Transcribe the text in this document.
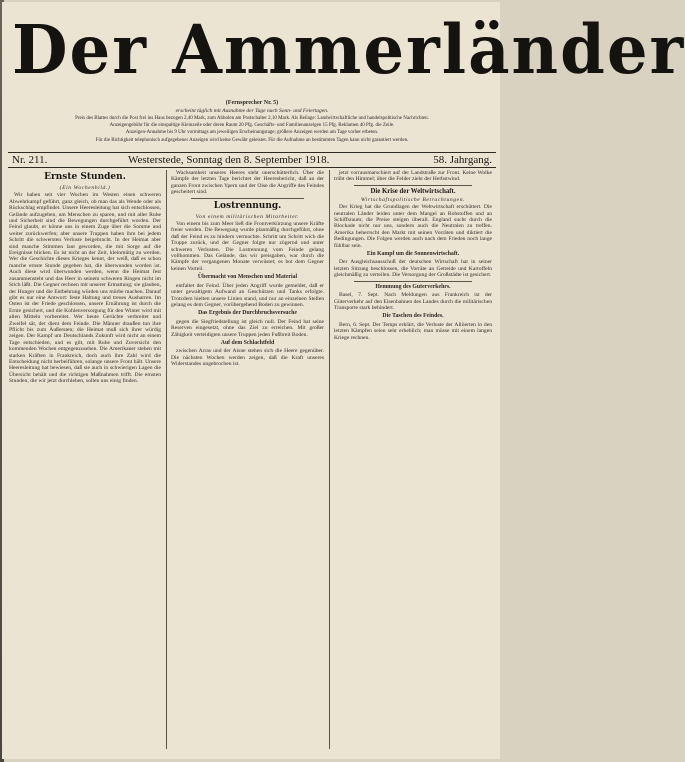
Der Ammerländer
(Fernsprecher Nr. 5)
erscheint täglich mit Ausnahme der Tage nach Sonn- und Feiertagen.
Preis des Blattes durch die Post frei ins Haus bezogen 2,40 Mark, zum Abholen am Postschalter 2,10 Mark. Als Beilage: Landwirtschaftliche und handelspolitische Nachrichten.
Anzeigengebühr für die einspaltige Kleinzeile oder deren Raum 20 Pfg. Geschäfts- und Familienanzeigen 15 Pfg. Reklamen 40 Pfg. die Zeile.
Anzeigen-Annahme bis 9 Uhr vormittags am jeweiligen Erscheinungstage; größere Anzeigen werden am Tage vorher erbeten.
Für die Richtigkeit telephonisch aufgegebener Anzeigen wird keine Gewähr geleistet. Für die Aufnahme an bestimmten Tagen kann nicht garantiert werden.
Nr. 211.	Westerstede, Sonntag den 8. September 1918.	58. Jahrgang.
Ernste Stunden.
(Ein Wochenbild.)

Wir haben seit vier Wochen im Westen einen schweren Abwehrkampf geführt, ganz gleich, ob man das als Wende oder als Rückschlag empfindet. Unsere Heeresleitung hat sich entschlossen, Gelände aufzugeben, um Menschen zu sparen, und mit aller Ruhe und Sicherheit sind die Bewegungen durchgeführt worden. Der Feind glaubt, er könne uns in einem Zuge über die Somme und weiter zurückwerfen; aber unsere Truppen haben ihm bei jedem Schritt die schwersten Verluste beigebracht. In der Heimat aber sind manche Stimmen laut geworden, die mit Sorge auf die Ereignisse blicken. Es ist nicht an der Zeit, kleinmütig zu werden. Wer die Geschichte dieses Krieges kennt, der weiß, daß es schon manche ernste Stunde gegeben hat, die überwunden worden ist. Auch diese wird überwunden werden, wenn die Heimat fest zusammensteht und das Heer in seinem schweren Ringen nicht im Stich läßt. Die Gegner rechnen mit unserer Ermattung; sie glauben, der Hunger und die Entbehrung würden uns mürbe machen. Darauf gibt es nur eine Antwort: feste Haltung und treues Ausharren. Im Osten ist der Friede geschlossen, unsere Ernährung ist durch die Ernte gesichert, und die Kohlenversorgung für den Winter wird mit allen Mitteln vorbereitet. Wer heute Gerüchte verbreitet und Zweifel sät, der dient dem Feinde. Die Männer draußen tun ihre Pflicht bis zum Äußersten; die Heimat muß sich ihrer würdig zeigen. Der Kampf um Deutschlands Zukunft wird nicht an einem Tage entschieden, und es gilt, mit Ruhe und Zuversicht den kommenden Wochen entgegenzusehen. Die Amerikaner stehen mit starken Kräften in Frankreich, doch auch ihre Zahl wird die Entscheidung nicht herbeiführen, solange unsere Front hält. Unsere Heeresleitung hat bewiesen, daß sie auch in schwierigen Lagen die Übersicht behält und die richtigen Maßnahmen trifft. Die ernsten Stunden, die wir jetzt durchleben, sollen uns einig finden.

Wachsamkeit unseres Heeres steht unerschütterlich. Über die Kämpfe der letzten Tage berichtet der Heeresbericht, daß an der ganzen Front zwischen Ypern und der Oise die Angriffe des Feindes gescheitert sind.

Lostrennung.
Von einem militärischen Mitarbeiter.

Von einem bis zum Meer ließ die Frontverkürzung unsere Kräfte freier werden. Die Bewegung wurde planmäßig durchgeführt, ohne daß der Feind es zu hindern vermochte. Schritt um Schritt wich die Truppe zurück, und der Gegner folgte nur zögernd und unter schweren Verlusten. Die Lostrennung vom Feinde gelang vollkommen. Das Gelände, das wir preisgaben, war durch die Kämpfe der vergangenen Monate verwüstet; es bot dem Gegner keinen Vorteil.

Übermacht von Menschen und Material

entfaltet der Feind. Über jeden Angriff wurde gemeldet, daß er unter gewaltigem Aufwand an Geschützen und Tanks erfolgte. Trotzdem hielten unsere Linien stand, und nur an einzelnen Stellen gelang es dem Gegner, vorübergehend Boden zu gewinnen.

Das Ergebnis der Durchbruchsversuche

gegen die Siegfriedstellung ist gleich null. Der Feind hat seine Reserven eingesetzt, ohne das Ziel zu erreichen. Mit großer Zähigkeit verteidigten unsere Truppen jeden Fußbreit Boden.

Auf dem Schlachtfeld

zwischen Arras und der Aisne stehen sich die Heere gegenüber. Die nächsten Wochen werden zeigen, daß die Kraft unseres Widerstandes ungebrochen ist.

jetzt vorrausmarschiert auf der Landstraße zur Front. Keine Wolke trübt den Himmel; über die Felder zieht der Herbstwind.

Die Krise der Weltwirtschaft.
Wirtschaftspolitische Betrachtungen.

Der Krieg hat die Grundlagen der Weltwirtschaft erschüttert. Die neutralen Länder leiden unter dem Mangel an Rohstoffen und an Schiffsraum; die Preise steigen überall. England sucht durch die Blockade nicht nur uns, sondern auch die Neutralen zu treffen. Amerika beherrscht den Markt mit seinen Vorräten und diktiert die Bedingungen. Die Folgen werden auch nach dem Frieden noch lange fühlbar sein.

Ein Kampf um die Sonnenwirtschaft.

Der Ausgleichsausschuß der deutschen Wirtschaft hat in seiner letzten Sitzung beschlossen, die Vorräte an Getreide und Kartoffeln gleichmäßig zu verteilen. Die Versorgung der Großstädte ist gesichert.

Hemmung des Guterverkehrs.

Basel, 7. Sept. Nach Meldungen aus Frankreich ist der Güterverkehr auf den Eisenbahnen des Landes durch die militärischen Transporte stark behindert.

Die Taschen des Feindes.

Bern, 6. Sept. Der Temps erklärt, die Verluste der Alliierten in den letzten Kämpfen seien sehr erheblich; man müsse mit einem langen Kriege rechnen.
